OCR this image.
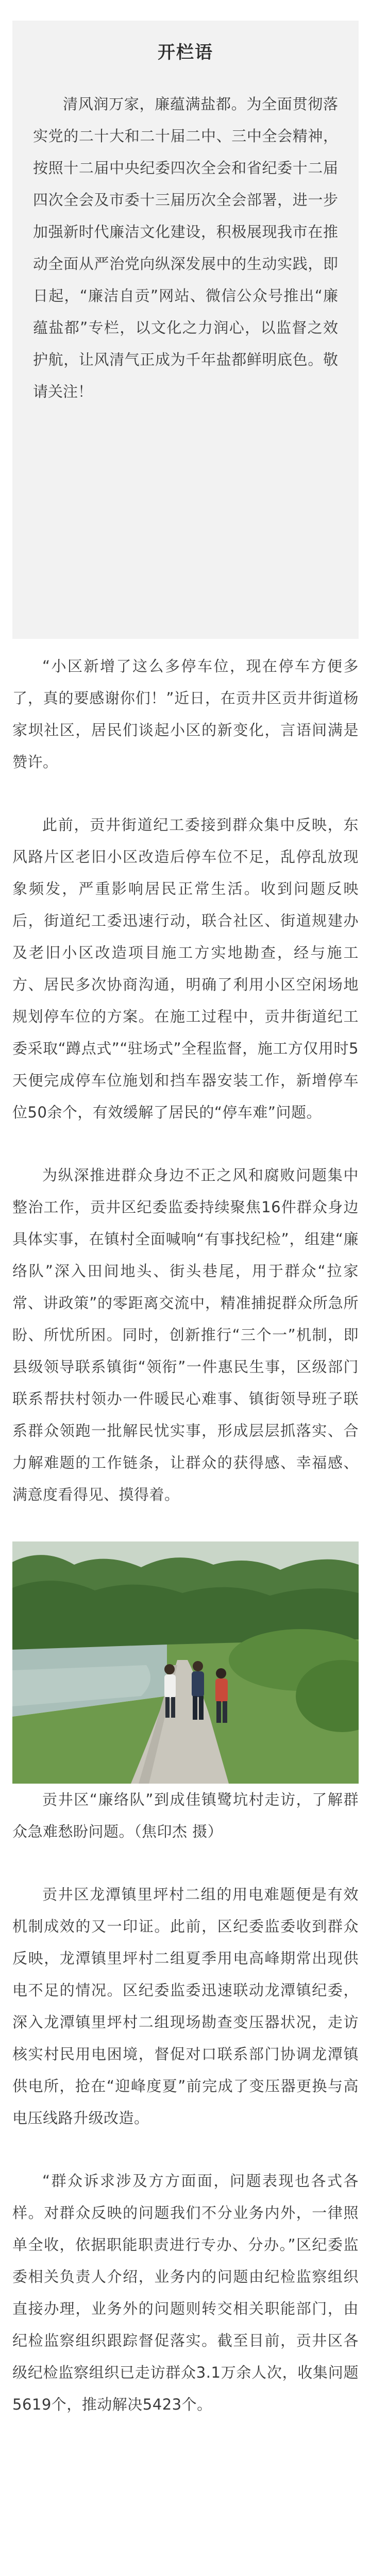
开栏语

清风润万家，廉蕴满盐都。为全面贯彻落实党的二十大和二十届二中、三中全会精神，按照十二届中央纪委四次全会和省纪委十二届四次全会及市委十三届历次全会部署，进一步加强新时代廉洁文化建设，积极展现我市在推动全面从严治党向纵深发展中的生动实践，即日起，“廉洁自贡”网站、微信公众号推出“廉蕴盐都”专栏，以文化之力润心，以监督之效护航，让风清气正成为千年盐都鲜明底色。敬请关注！

“小区新增了这么多停车位，现在停车方便多了，真的要感谢你们！”近日，在贡井区贡井街道杨家坝社区，居民们谈起小区的新变化，言语间满是赞许。

此前，贡井街道纪工委接到群众集中反映，东风路片区老旧小区改造后停车位不足，乱停乱放现象频发，严重影响居民正常生活。收到问题反映后，街道纪工委迅速行动，联合社区、街道规建办及老旧小区改造项目施工方实地勘查，经与施工方、居民多次协商沟通，明确了利用小区空闲场地规划停车位的方案。在施工过程中，贡井街道纪工委采取“蹲点式”“驻场式”全程监督，施工方仅用时5天便完成停车位施划和挡车器安装工作，新增停车位50余个，有效缓解了居民的“停车难”问题。

为纵深推进群众身边不正之风和腐败问题集中整治工作，贡井区纪委监委持续聚焦16件群众身边具体实事，在镇村全面喊响“有事找纪检”，组建“廉络队”深入田间地头、街头巷尾，用于群众“拉家常、讲政策”的零距离交流中，精准捕捉群众所急所盼、所忧所困。同时，创新推行“三个一”机制，即县级领导联系镇街“领衔”一件惠民生事，区级部门联系帮扶村领办一件暖民心难事、镇街领导班子联系群众领跑一批解民忧实事，形成层层抓落实、合力解难题的工作链条，让群众的获得感、幸福感、满意度看得见、摸得着。

贡井区“廉络队”到成佳镇鹭坑村走访，了解群众急难愁盼问题。（焦印杰 摄）

贡井区龙潭镇里坪村二组的用电难题便是有效机制成效的又一印证。此前，区纪委监委收到群众反映，龙潭镇里坪村二组夏季用电高峰期常出现供电不足的情况。区纪委监委迅速联动龙潭镇纪委，深入龙潭镇里坪村二组现场勘查变压器状况，走访核实村民用电困境，督促对口联系部门协调龙潭镇供电所，抢在“迎峰度夏”前完成了变压器更换与高电压线路升级改造。

“群众诉求涉及方方面面，问题表现也各式各样。对群众反映的问题我们不分业务内外，一律照单全收，依据职能职责进行专办、分办。”区纪委监委相关负责人介绍，业务内的问题由纪检监察组织直接办理，业务外的问题则转交相关职能部门，由纪检监察组织跟踪督促落实。截至目前，贡井区各级纪检监察组织已走访群众3.1万余人次，收集问题5619个，推动解决5423个。
